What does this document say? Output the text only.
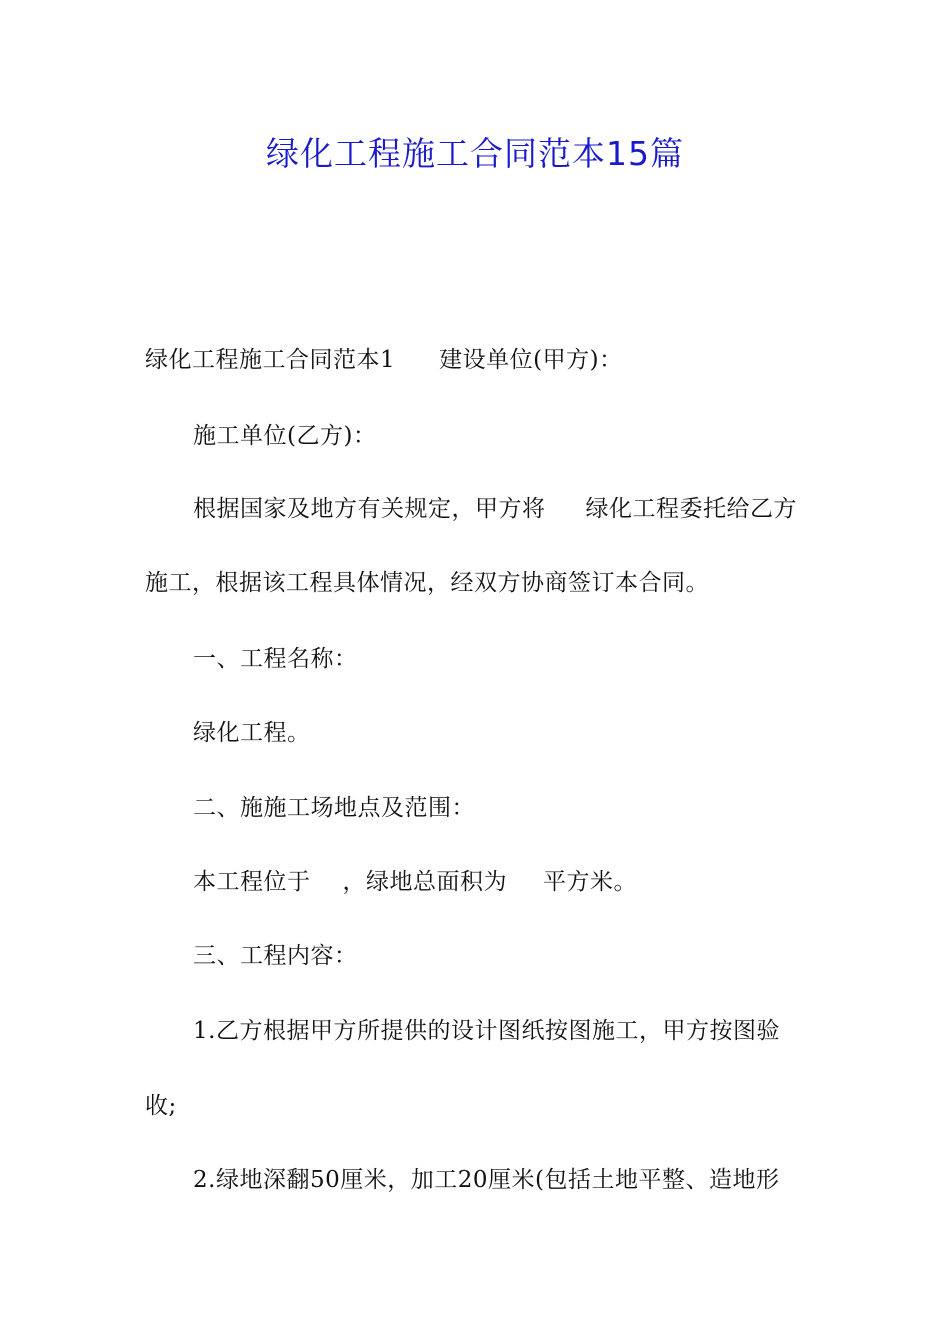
绿化工程施工合同范本15篇
绿化工程施工合同范本1 建设单位(甲方)：
施工单位(乙方)：
根据国家及地方有关规定，甲方将 绿化工程委托给乙方
施工，根据该工程具体情况，经双方协商签订本合同。
一、工程名称：
绿化工程。
二、施施工场地点及范围：
本工程位于 ，绿地总面积为 平方米。
三、工程内容：
1.乙方根据甲方所提供的设计图纸按图施工，甲方按图验
收;
2.绿地深翻50厘米，加工20厘米(包括土地平整、造地形
